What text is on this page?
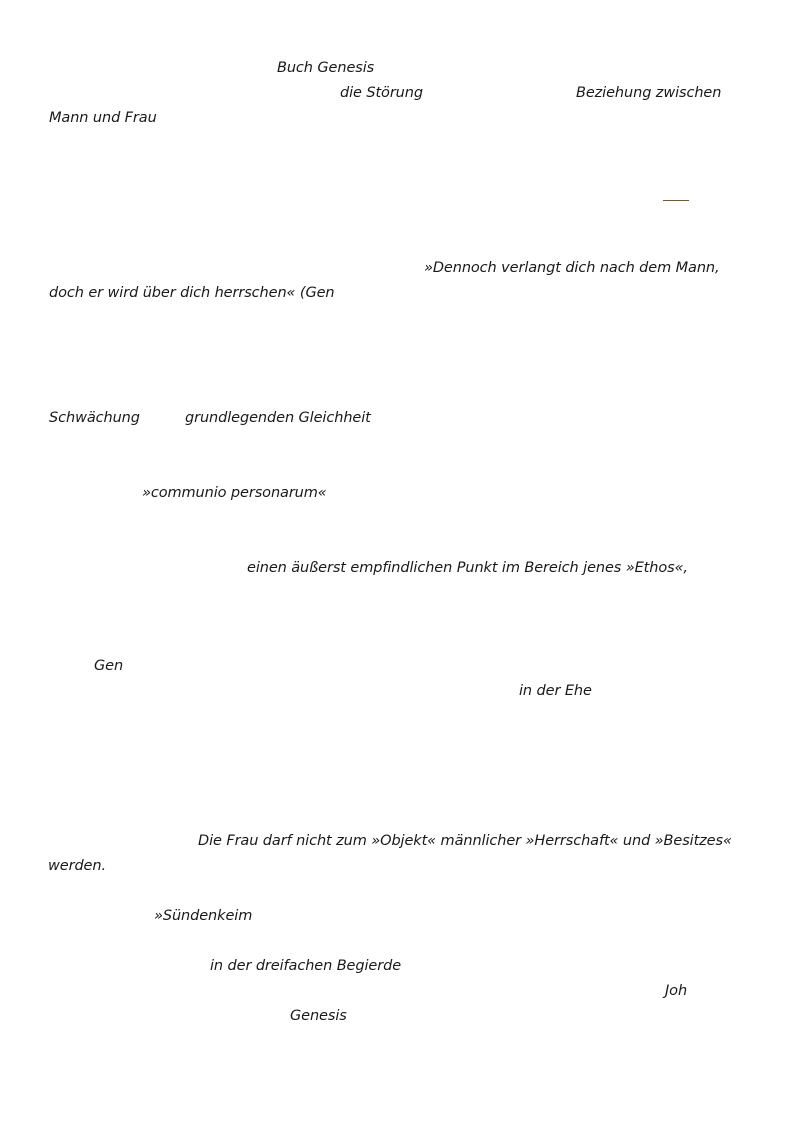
Buch Genesis
die Störung	Beziehung zwischen
Mann und Frau
»Dennoch verlangt dich nach dem Mann,
doch er wird über dich herrschen« (Gen
Schwächung	grundlegenden Gleichheit
»communio personarum«
einen äußerst empfindlichen Punkt im Bereich jenes »Ethos«,
Gen
in der Ehe
Die Frau darf nicht zum »Objekt« männlicher »Herrschaft« und »Besitzes«
werden.
»Sündenkeim
in der dreifachen Begierde
Joh
Genesis
